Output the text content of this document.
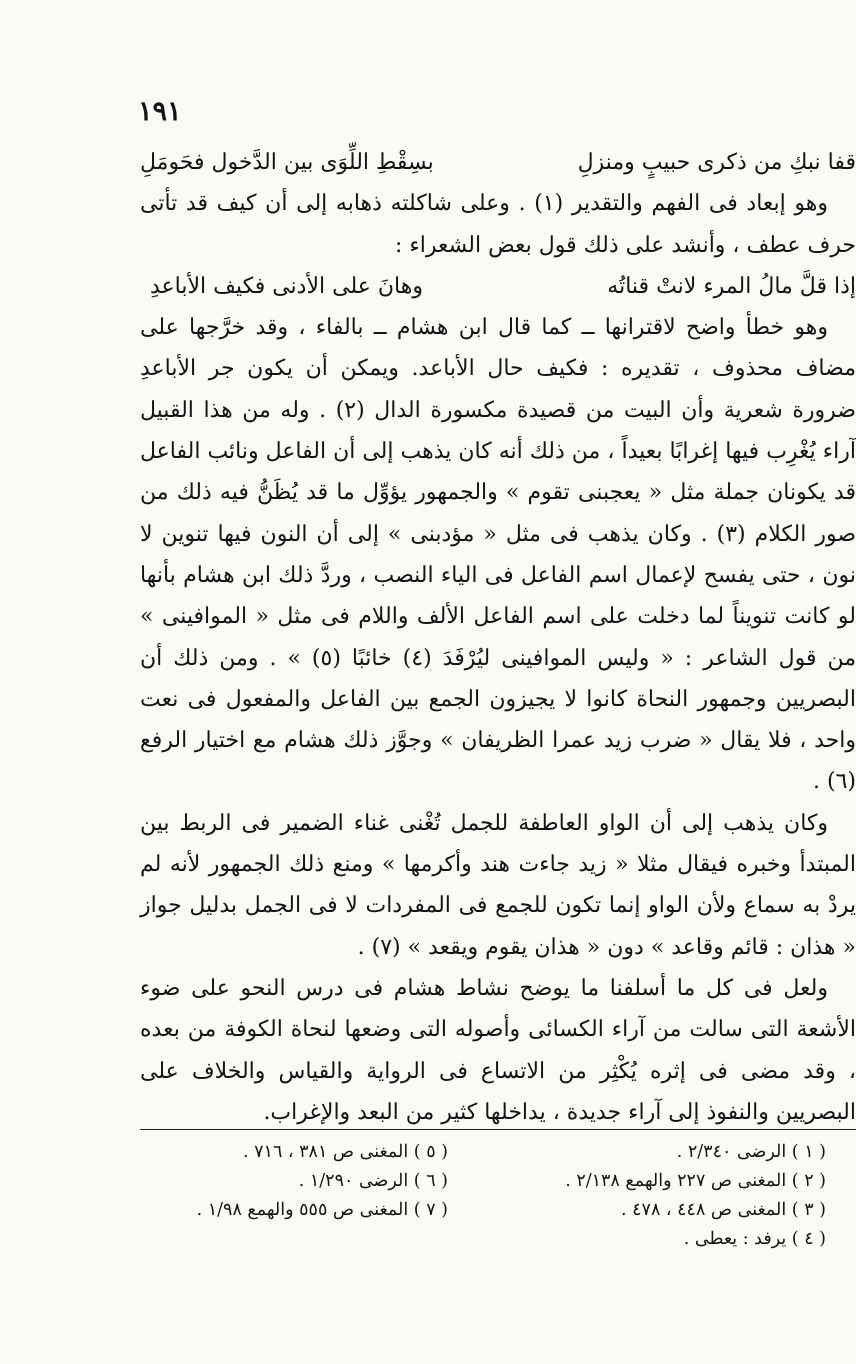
١٩١
قفا نبكِ من ذكرى حبيبٍ ومنزلِ
بسِقْطِ اللِّوَى بين الدَّخول فحَومَلِ

وهو إبعاد فى الفهم والتقدير (١) . وعلى شاكلته ذهابه إلى أن كيف قد تأتى حرف عطف ، وأنشد على ذلك قول بعض الشعراء :

إذا قلَّ مالُ المرء لانتْ قناتُه
وهانَ على الأدنى فكيف الأباعدِ

وهو خطأ واضح لاقترانها ــ كما قال ابن هشام ــ بالفاء ، وقد خرَّجها على مضاف محذوف ، تقديره : فكيف حال الأباعد. ويمكن أن يكون جر الأباعدِ ضرورة شعرية وأن البيت من قصيدة مكسورة الدال (٢) . وله من هذا القبيل آراء يُغْرِب فيها إغرابًا بعيداً ، من ذلك أنه كان يذهب إلى أن الفاعل ونائب الفاعل قد يكونان جملة مثل « يعجبنى تقوم » والجمهور يؤوِّل ما قد يُظَنُّ فيه ذلك من صور الكلام (٣) . وكان يذهب فى مثل « مؤدبنى » إلى أن النون فيها تنوين لا نون ، حتى يفسح لإعمال اسم الفاعل فى الياء النصب ، وردَّ ذلك ابن هشام بأنها لو كانت تنويناً لما دخلت على اسم الفاعل الألف واللام فى مثل « الموافينى » من قول الشاعر : « وليس الموافينى ليُرْفَدَ (٤) خائبًا (٥) » . ومن ذلك أن البصريين وجمهور النحاة كانوا لا يجيزون الجمع بين الفاعل والمفعول فى نعت واحد ، فلا يقال « ضرب زيد عمرا الظريفان » وجوَّز ذلك هشام مع اختيار الرفع (٦) .

وكان يذهب إلى أن الواو العاطفة للجمل تُغْنى غناء الضمير فى الربط بين المبتدأ وخبره فيقال مثلا « زيد جاءت هند وأكرمها » ومنع ذلك الجمهور لأنه لم يردْ به سماع ولأن الواو إنما تكون للجمع فى المفردات لا فى الجمل بدليل جواز « هذان : قائم وقاعد » دون « هذان يقوم ويقعد » (٧) .

ولعل فى كل ما أسلفنا ما يوضح نشاط هشام فى درس النحو على ضوء الأشعة التى سالت من آراء الكسائى وأصوله التى وضعها لنحاة الكوفة من بعده ، وقد مضى فى إثره يُكْثِر من الاتساع فى الرواية والقياس والخلاف على البصريين والنفوذ إلى آراء جديدة ، يداخلها كثير من البعد والإغراب.

( ١ ) الرضى ٢/٣٤٠ .
( ٢ ) المغنى ص ٢٢٧ والهمع ٢/١٣٨ .
( ٣ ) المغنى ص ٤٤٨ ، ٤٧٨ .
( ٤ ) يرفد : يعطى .
( ٥ ) المغنى ص ٣٨١ ، ٧١٦ .
( ٦ ) الرضى ١/٢٩٠ .
( ٧ ) المغنى ص ٥٥٥ والهمع ١/٩٨ .
